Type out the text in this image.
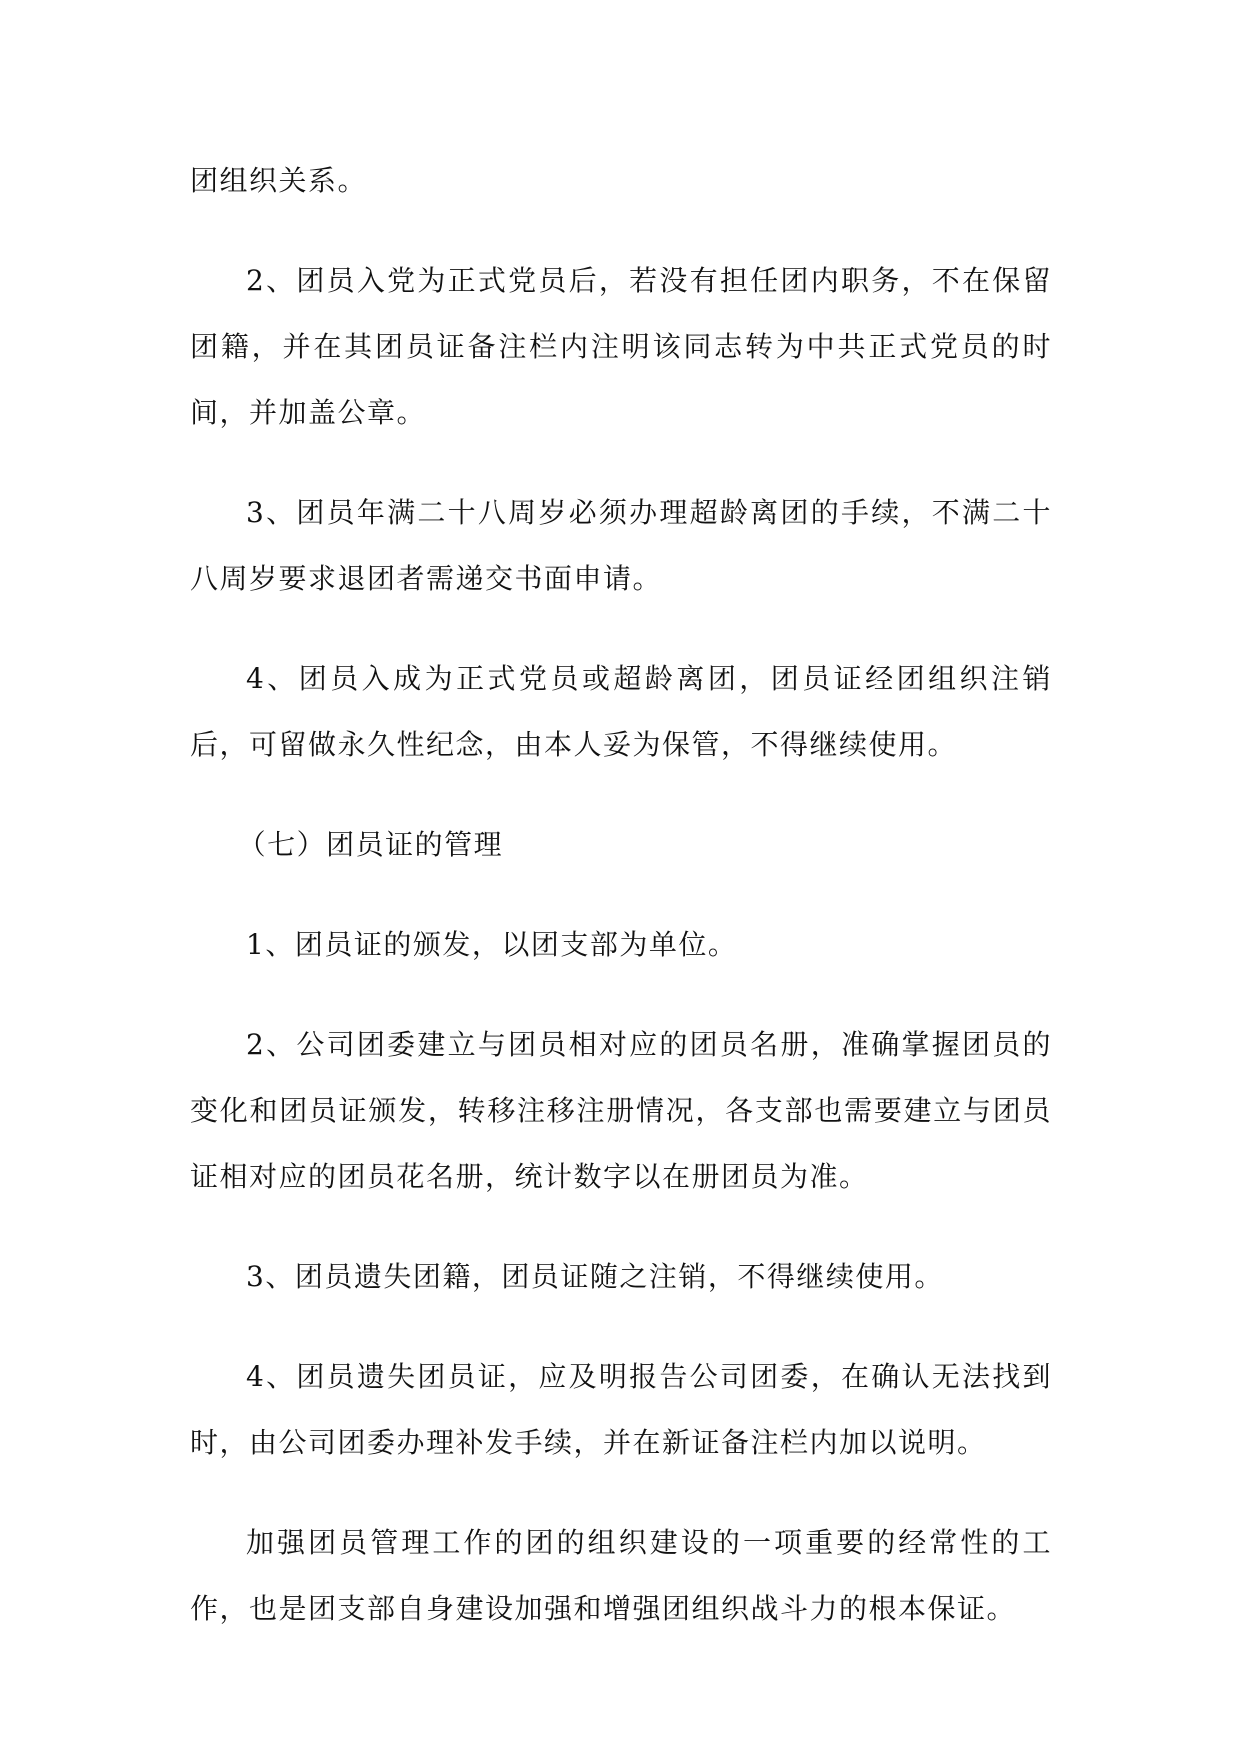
团组织关系。

2、团员入党为正式党员后，若没有担任团内职务，不在保留团籍，并在其团员证备注栏内注明该同志转为中共正式党员的时间，并加盖公章。

3、团员年满二十八周岁必须办理超龄离团的手续，不满二十八周岁要求退团者需递交书面申请。

4、团员入成为正式党员或超龄离团，团员证经团组织注销后，可留做永久性纪念，由本人妥为保管，不得继续使用。

（七）团员证的管理

1、团员证的颁发，以团支部为单位。

2、公司团委建立与团员相对应的团员名册，准确掌握团员的变化和团员证颁发，转移注移注册情况，各支部也需要建立与团员证相对应的团员花名册，统计数字以在册团员为准。

3、团员遗失团籍，团员证随之注销，不得继续使用。

4、团员遗失团员证，应及明报告公司团委，在确认无法找到时，由公司团委办理补发手续，并在新证备注栏内加以说明。

加强团员管理工作的团的组织建设的一项重要的经常性的工作，也是团支部自身建设加强和增强团组织战斗力的根本保证。
